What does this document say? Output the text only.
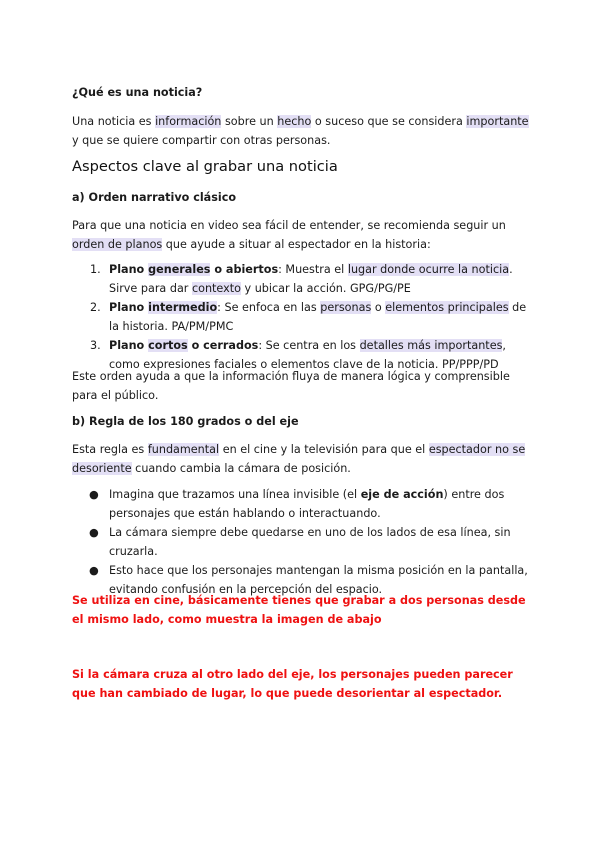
¿Qué es una noticia?

Una noticia es información sobre un hecho o suceso que se considera importante y que se quiere compartir con otras personas.

Aspectos clave al grabar una noticia
a) Orden narrativo clásico

Para que una noticia en video sea fácil de entender, se recomienda seguir un orden de planos que ayude a situar al espectador en la historia:

1. Plano generales o abiertos: Muestra el lugar donde ocurre la noticia. Sirve para dar contexto y ubicar la acción. GPG/PG/PE
2. Plano intermedio: Se enfoca en las personas o elementos principales de la historia. PA/PM/PMC
3. Plano cortos o cerrados: Se centra en los detalles más importantes, como expresiones faciales o elementos clave de la noticia. PP/PPP/PD

Este orden ayuda a que la información fluya de manera lógica y comprensible para el público.

b) Regla de los 180 grados o del eje

Esta regla es fundamental en el cine y la televisión para que el espectador no se desoriente cuando cambia la cámara de posición.

● Imagina que trazamos una línea invisible (el eje de acción) entre dos personajes que están hablando o interactuando.
● La cámara siempre debe quedarse en uno de los lados de esa línea, sin cruzarla.
● Esto hace que los personajes mantengan la misma posición en la pantalla, evitando confusión en la percepción del espacio.

Se utiliza en cine, básicamente tienes que grabar a dos personas desde el mismo lado, como muestra la imagen de abajo

Si la cámara cruza al otro lado del eje, los personajes pueden parecer que han cambiado de lugar, lo que puede desorientar al espectador.
